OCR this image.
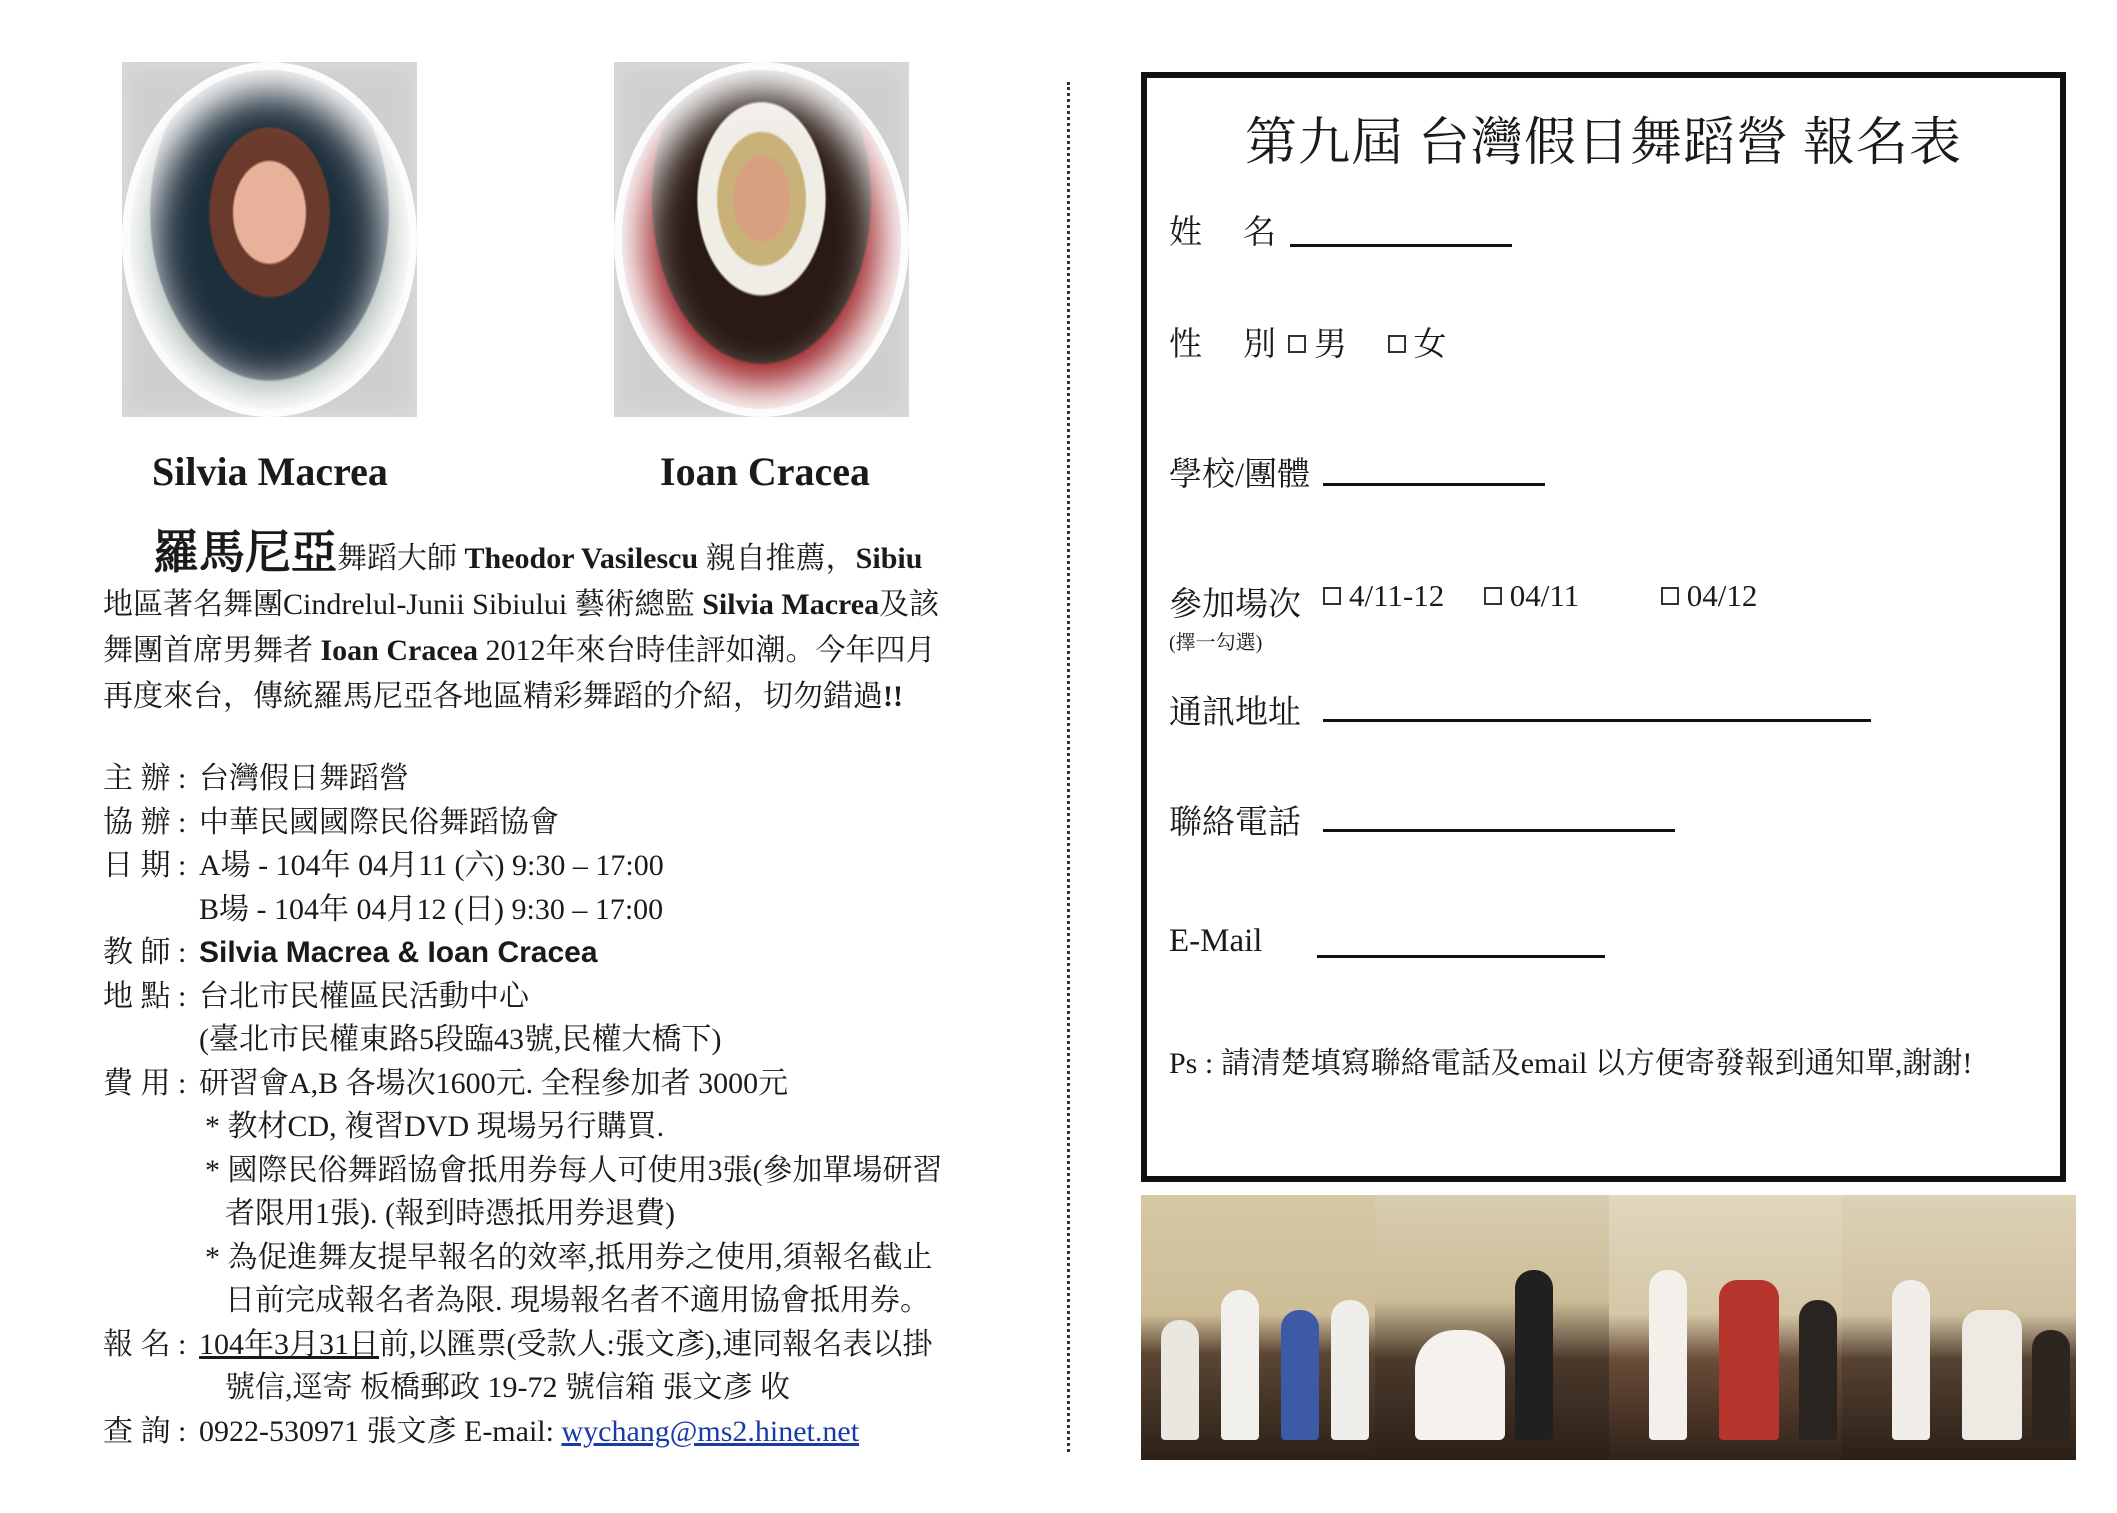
Silvia Macrea	Ioan Cracea
羅馬尼亞舞蹈大師 Theodor Vasilescu 親自推薦，Sibiu
地區著名舞團Cindrelul-Junii Sibiului 藝術總監 Silvia Macrea及該
舞團首席男舞者 Ioan Cracea 2012年來台時佳評如潮。今年四月
再度來台，傳統羅馬尼亞各地區精彩舞蹈的介紹，切勿錯過!!
主 辦 : 台灣假日舞蹈營
協 辦 : 中華民國國際民俗舞蹈協會
日 期 : A場 - 104年 04月11 (六) 9:30 – 17:00
B場 - 104年 04月12 (日) 9:30 – 17:00
教 師 : Silvia Macrea & Ioan Cracea
地 點 : 台北市民權區民活動中心
(臺北市民權東路5段臨43號,民權大橋下)
費 用 : 研習會A,B 各場次1600元. 全程參加者 3000元
* 教材CD, 複習DVD 現場另行購買.
* 國際民俗舞蹈協會抵用券每人可使用3張(參加單場研習
者限用1張). (報到時憑抵用券退費)
* 為促進舞友提早報名的效率,抵用券之使用,須報名截止
日前完成報名者為限. 現場報名者不適用協會抵用券。
報 名 : 104年3月31日前,以匯票(受款人:張文彥),連同報名表以掛
號信,逕寄 板橋郵政 19-72 號信箱 張文彥 收
查 詢 : 0922-530971 張文彥 E-mail: wychang@ms2.hinet.net
第九屆 台灣假日舞蹈營 報名表
姓　名
性　別	男 女
學校/團體
參加場次	4/11-12 04/11	04/12
(擇一勾選)
通訊地址
聯絡電話
E-Mail
Ps : 請清楚填寫聯絡電話及email 以方便寄發報到通知單,謝謝!
